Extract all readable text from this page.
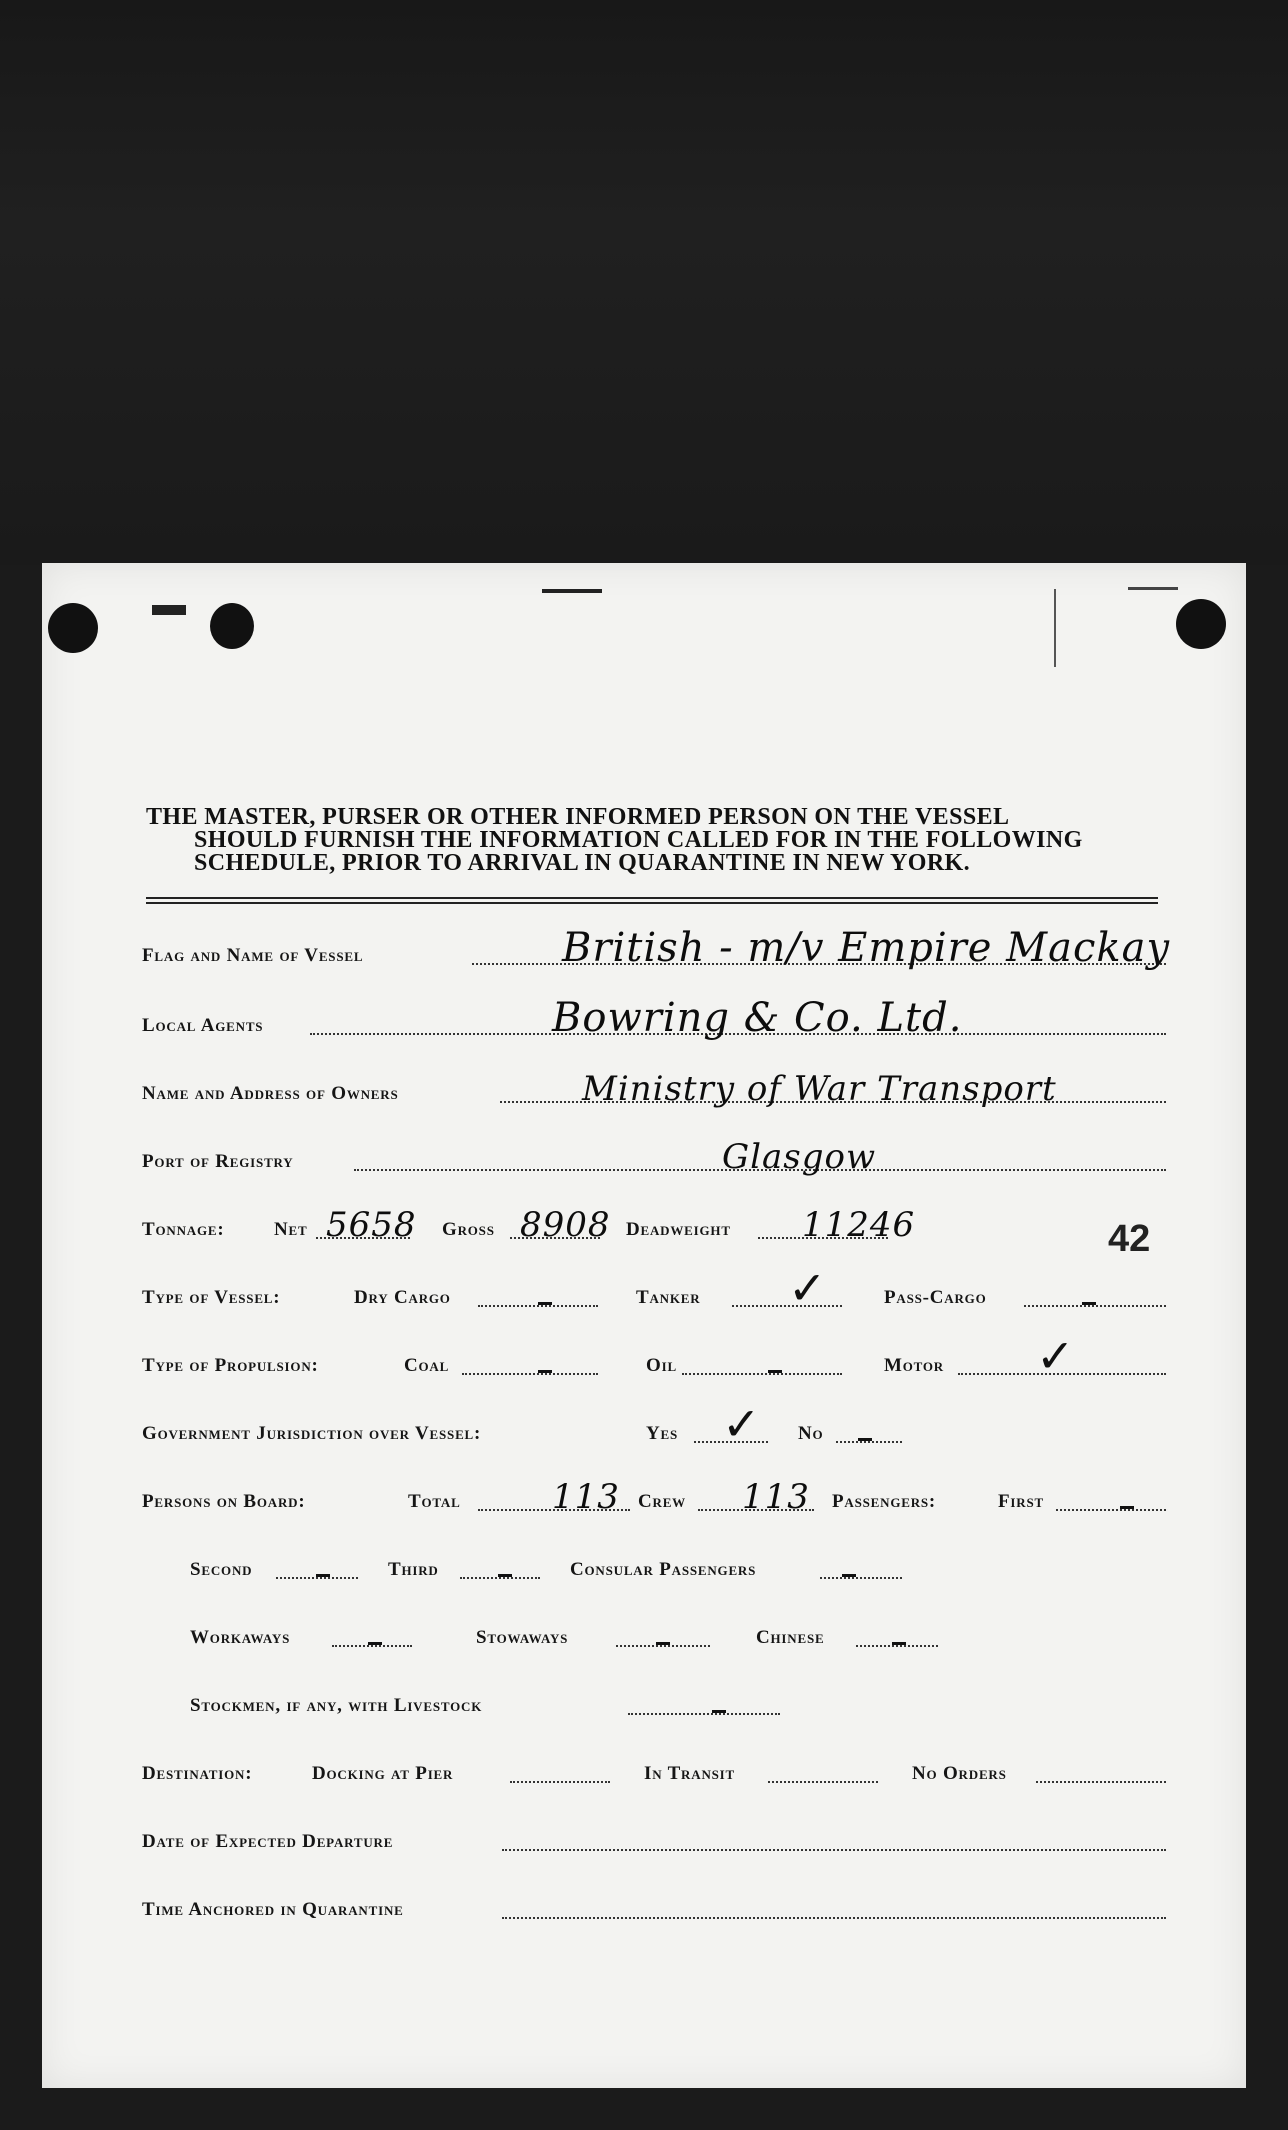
THE MASTER, PURSER OR OTHER INFORMED PERSON ON THE VESSEL
SHOULD FURNISH THE INFORMATION CALLED FOR IN THE FOLLOWING
SCHEDULE, PRIOR TO ARRIVAL IN QUARANTINE IN NEW YORK.
42
Flag and Name of Vessel	British - m/v Empire Mackay
Local Agents	Bowring & Co. Ltd.
Name and Address of Owners	Ministry of War Transport
Port of Registry	Glasgow
Tonnage:	Net 5658 Gross 8908 Deadweight 11246
Type of Vessel:	Dry Cargo	Tanker ✓	Pass-Cargo
Type of Propulsion:	Coal	Oil	Motor ✓
Government Jurisdiction over Vessel:	Yes ✓ No
Persons on Board:	Total	113 Crew 113 Passengers:	First
Second	Third	Consular Passengers
Workaways	Stowaways	Chinese
Stockmen, if any, with Livestock
Destination:	Docking at Pier	In Transit	No Orders
Date of Expected Departure
Time Anchored in Quarantine
